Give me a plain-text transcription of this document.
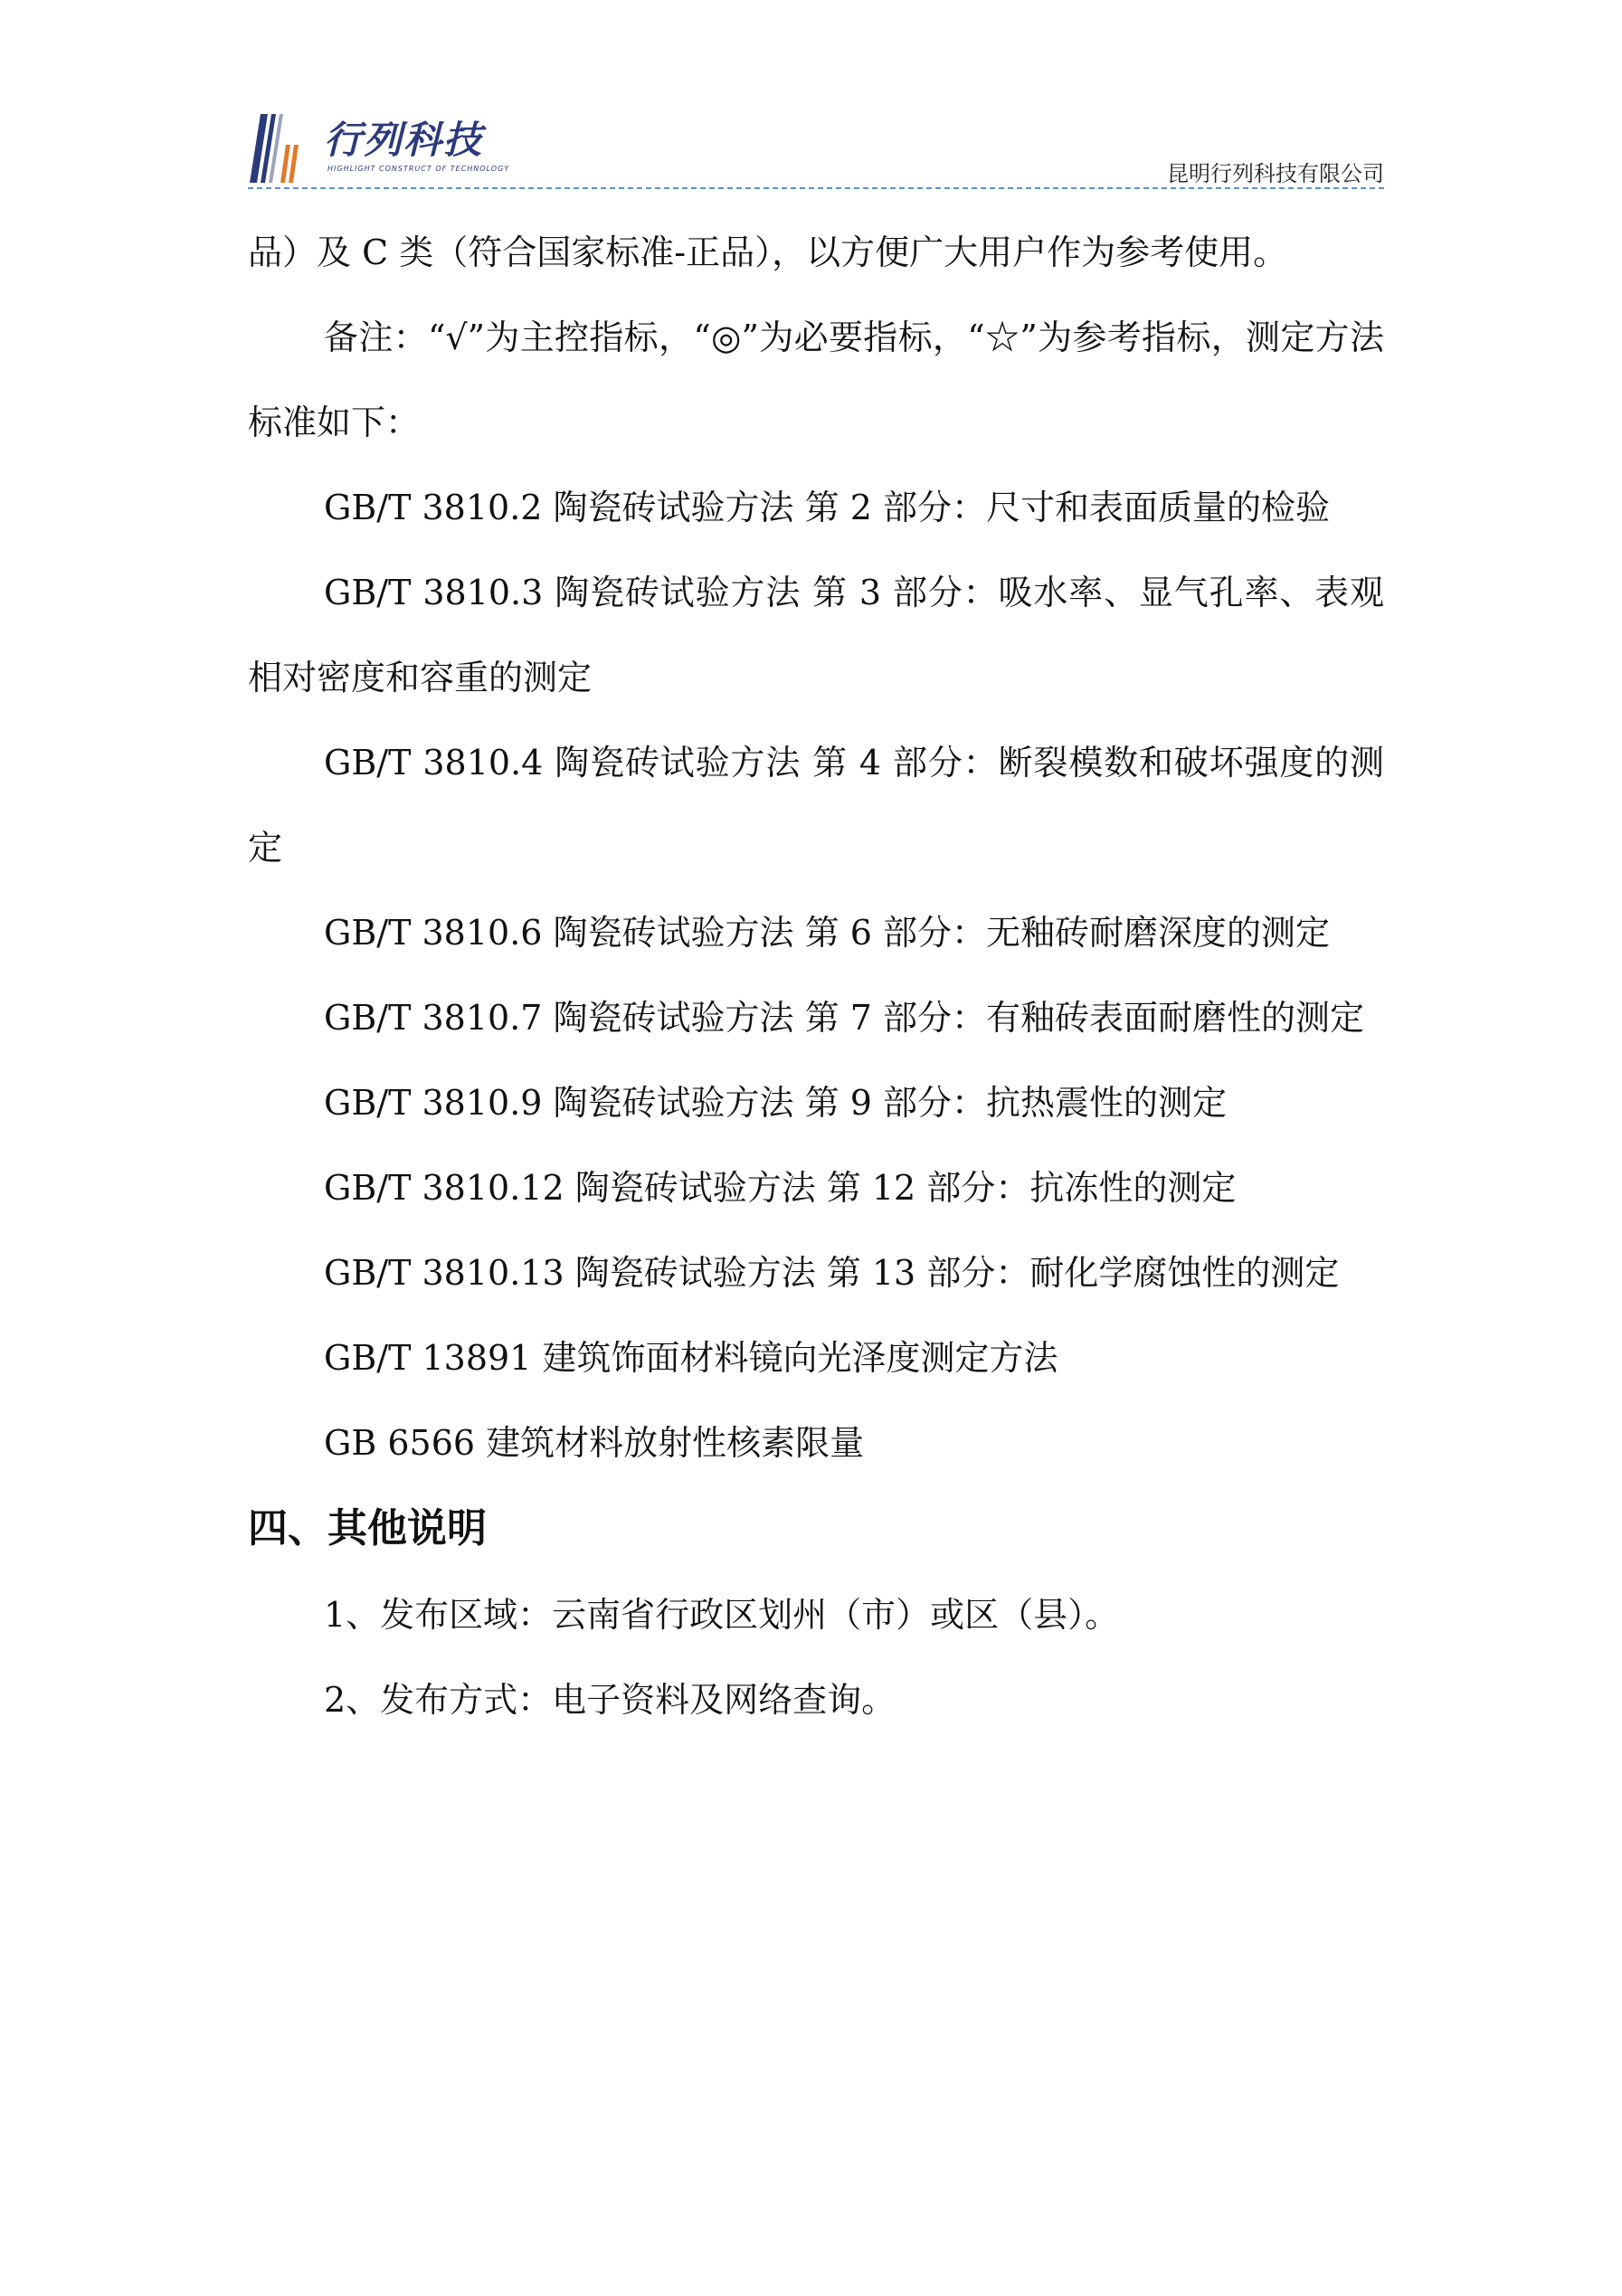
行列科技
HIGHLIGHT CONSTRUCT OF TECHNOLOGY	昆明行列科技有限公司

品）及 C 类（符合国家标准-正品），以方便广大用户作为参考使用。

备注：“√”为主控指标，“◎”为必要指标，“☆”为参考指标，测定方法标准如下：

GB/T 3810.2 陶瓷砖试验方法 第 2 部分：尺寸和表面质量的检验

GB/T 3810.3 陶瓷砖试验方法 第 3 部分：吸水率、显气孔率、表观相对密度和容重的测定

GB/T 3810.4 陶瓷砖试验方法 第 4 部分：断裂模数和破坏强度的测定

GB/T 3810.6 陶瓷砖试验方法 第 6 部分：无釉砖耐磨深度的测定

GB/T 3810.7 陶瓷砖试验方法 第 7 部分：有釉砖表面耐磨性的测定

GB/T 3810.9 陶瓷砖试验方法 第 9 部分：抗热震性的测定

GB/T 3810.12 陶瓷砖试验方法 第 12 部分：抗冻性的测定

GB/T 3810.13 陶瓷砖试验方法 第 13 部分：耐化学腐蚀性的测定

GB/T 13891 建筑饰面材料镜向光泽度测定方法

GB 6566 建筑材料放射性核素限量

四、其他说明

1、发布区域：云南省行政区划州（市）或区（县）。

2、发布方式：电子资料及网络查询。
